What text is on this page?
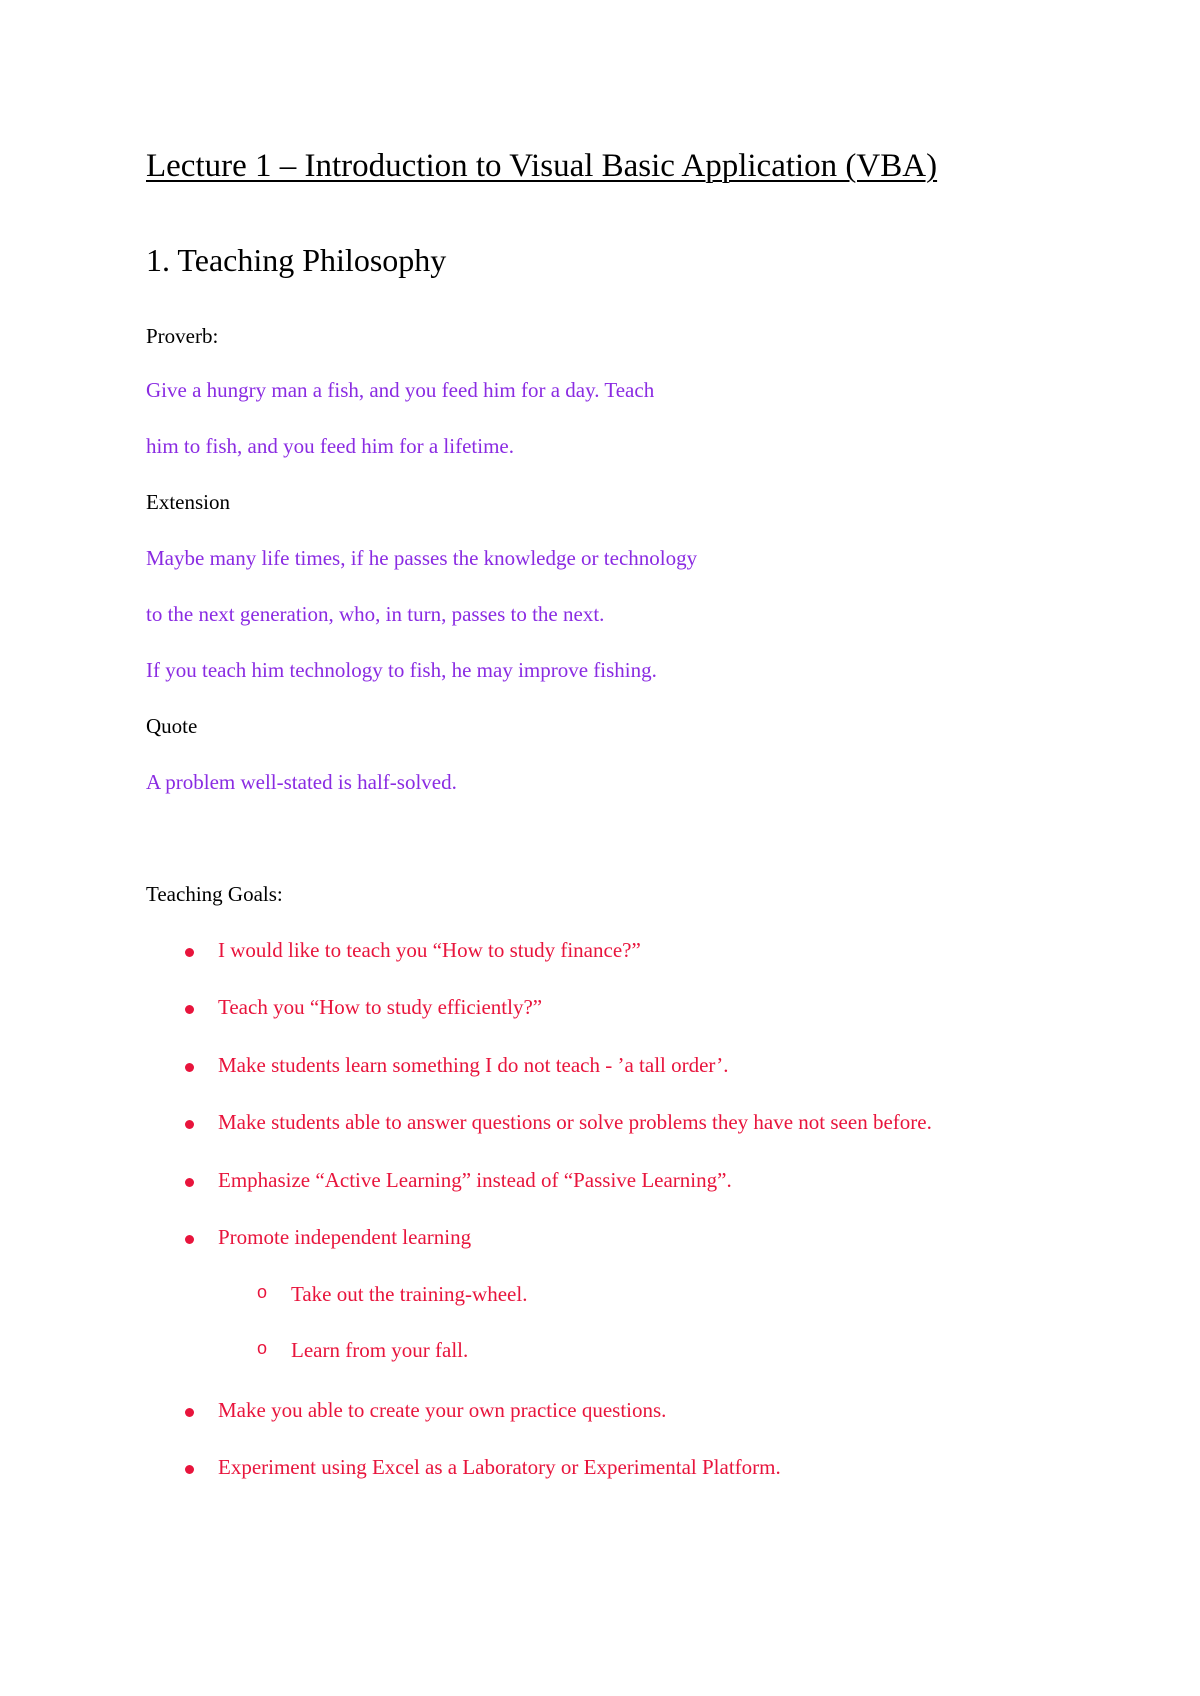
Lecture 1 – Introduction to Visual Basic Application (VBA)
1. Teaching Philosophy
Proverb:
Give a hungry man a fish, and you feed him for a day. Teach
him to fish, and you feed him for a lifetime.
Extension
Maybe many life times, if he passes the knowledge or technology
to the next generation, who, in turn, passes to the next.
If you teach him technology to fish, he may improve fishing.
Quote
A problem well-stated is half-solved.
Teaching Goals:
I would like to teach you “How to study finance?”
Teach you “How to study efficiently?”
Make students learn something I do not teach - ’a tall order’.
Make students able to answer questions or solve problems they have not seen before.
Emphasize “Active Learning” instead of “Passive Learning”.
Promote independent learning
o Take out the training-wheel.
o Learn from your fall.
Make you able to create your own practice questions.
Experiment using Excel as a Laboratory or Experimental Platform.
